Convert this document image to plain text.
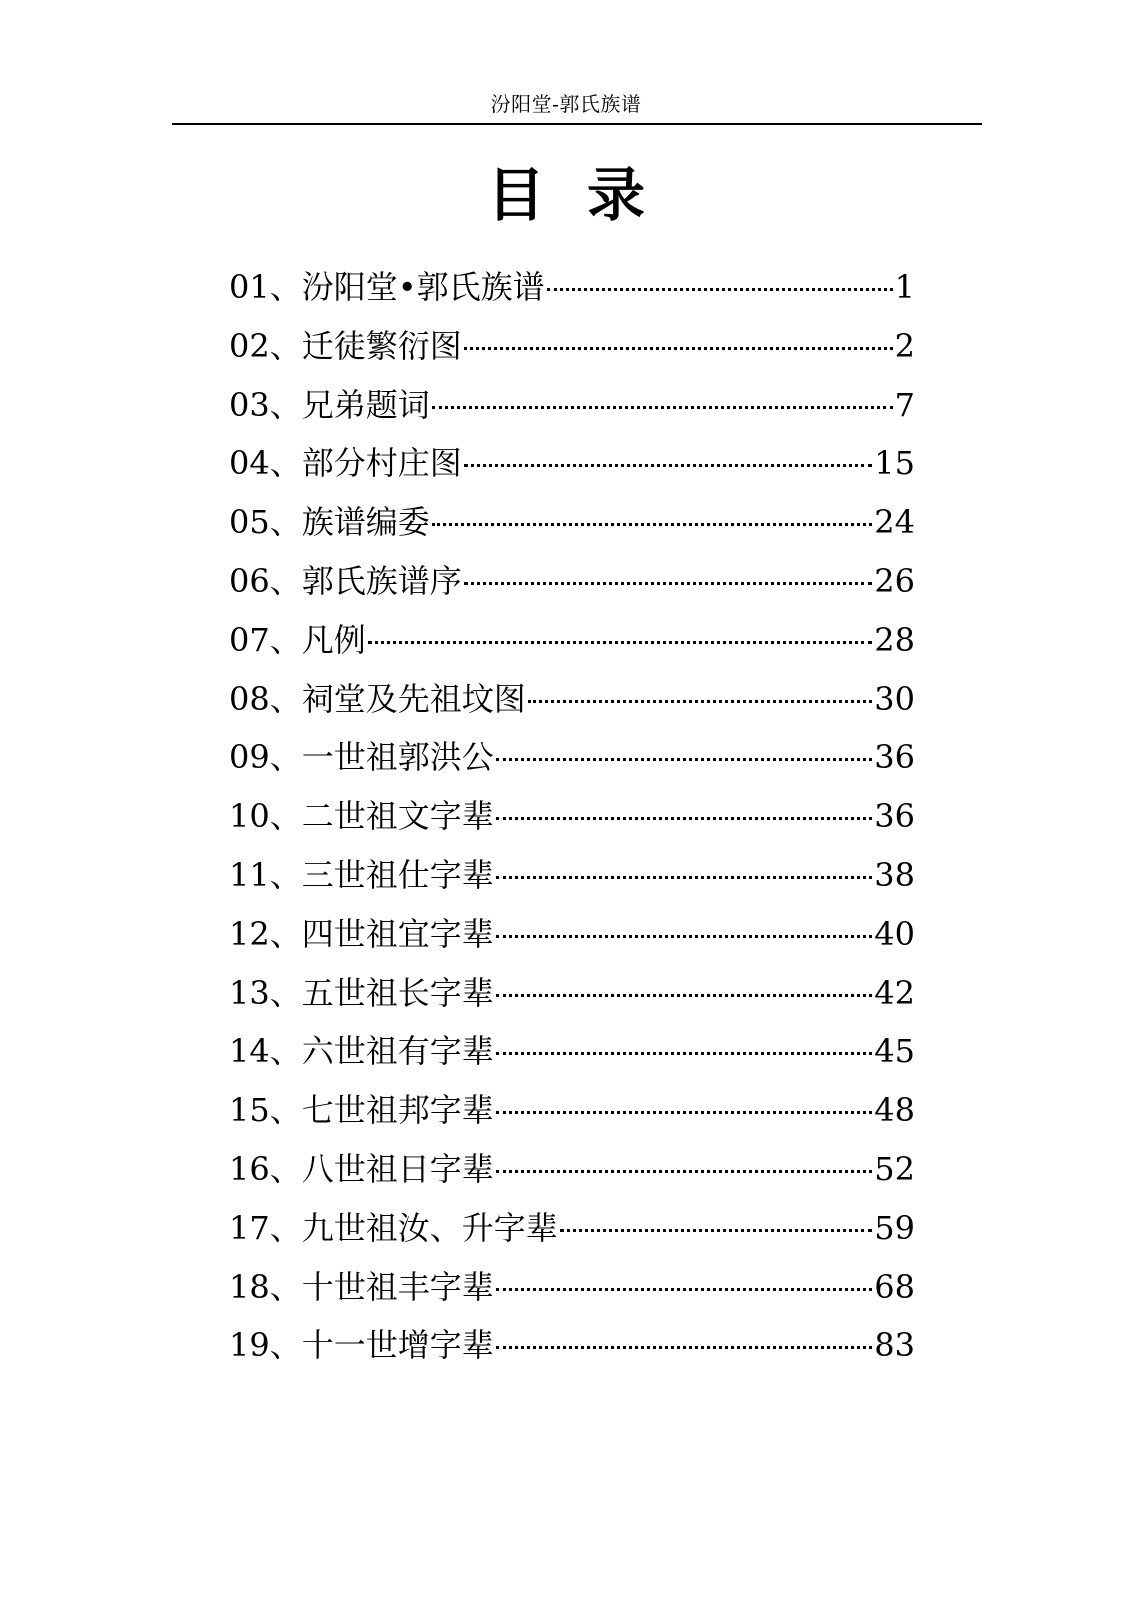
汾阳堂-郭氏族谱
目录
01、 汾阳堂•郭氏族谱	1
02、 迁徒繁衍图	2
03、 兄弟题词	7
04、 部分村庄图	15
05、 族谱编委	24
06、 郭氏族谱序	26
07、 凡例	28
08、 祠堂及先祖坟图	30
09、 一世祖郭洪公	36
10、 二世祖文字辈	36
11、 三世祖仕字辈	38
12、 四世祖宜字辈	40
13、 五世祖长字辈	42
14、 六世祖有字辈	45
15、 七世祖邦字辈	48
16、 八世祖日字辈	52
17、 九世祖汝、升字辈	59
18、 十世祖丰字辈	68
19、 十一世增字辈	83
